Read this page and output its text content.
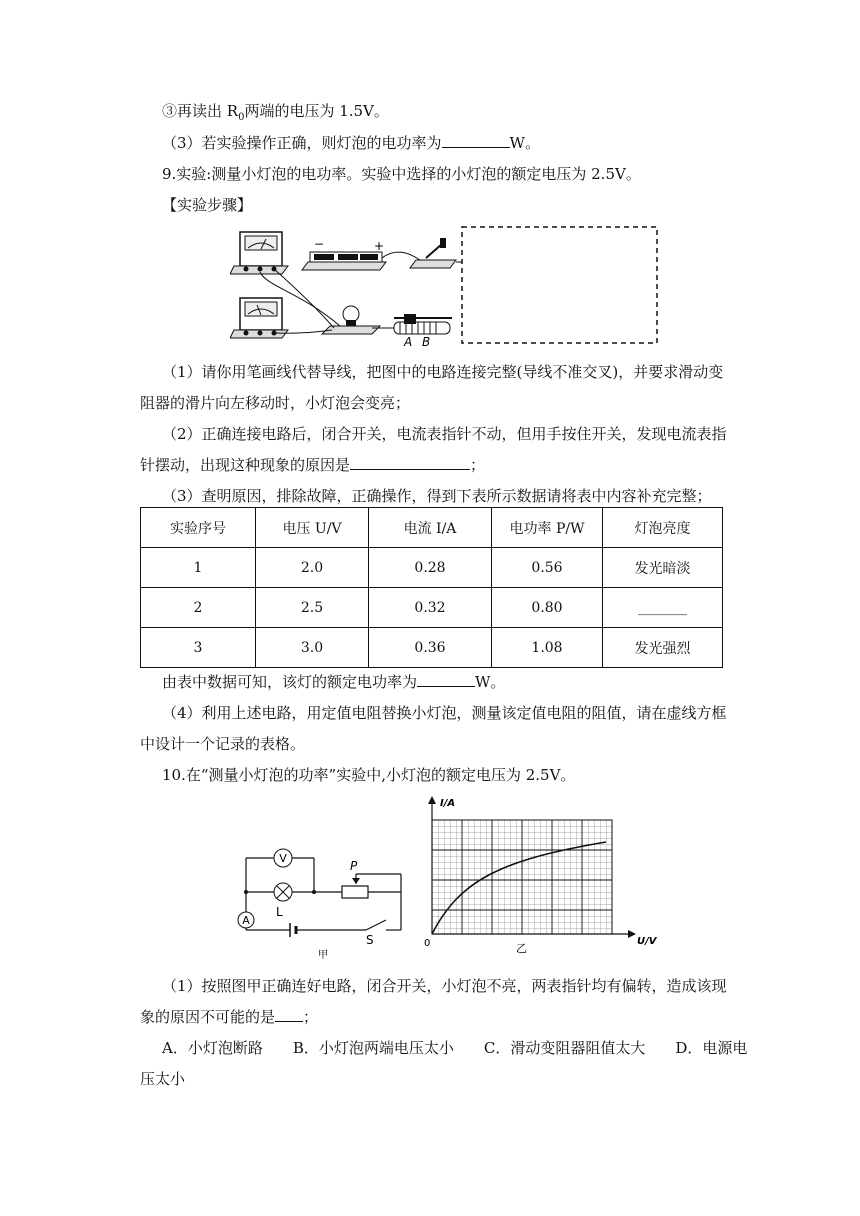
③再读出 $R_0$两端的电压为 1.5V。
（3）若实验操作正确，则灯泡的电功率为	W。
9.实验:测量小灯泡的电功率。实验中选择的小灯泡的额定电压为 2.5V。
【实验步骤】
−	+
A B
（1）请你用笔画线代替导线，把图中的电路连接完整(导线不准交叉)，并要求滑动变
阻器的滑片向左移动时，小灯泡会变亮；
（2）正确连接电路后，闭合开关，电流表指针不动，但用手按住开关，发现电流表指
针摆动，出现这种现象的原因是	；
（3）查明原因，排除故障，正确操作，得到下表所示数据请将表中内容补充完整；
实验序号	电压 U/V	电流 I/A	电功率 P/W	灯泡亮度
1	2.0	0.28	0.56	发光暗淡
2	2.5	0.32	0.80	_______
3	3.0	0.36	1.08	发光强烈
由表中数据可知，该灯的额定电功率为	W。
（4）利用上述电路，用定值电阻替换小灯泡，测量该定值电阻的阻值，请在虚线方框
中设计一个记录的表格。
10.在“测量小灯泡的功率”实验中,小灯泡的额定电压为 2.5V。
V
L
A
P
S
甲
I/A
U/V
0	乙
（1）按照图甲正确连好电路，闭合开关，小灯泡不亮，两表指针均有偏转，造成该现
象的原因不可能的是 ；
A．小灯泡断路　　B．小灯泡两端电压太小　　C．滑动变阻器阻值太大　　D．电源电
压太小
